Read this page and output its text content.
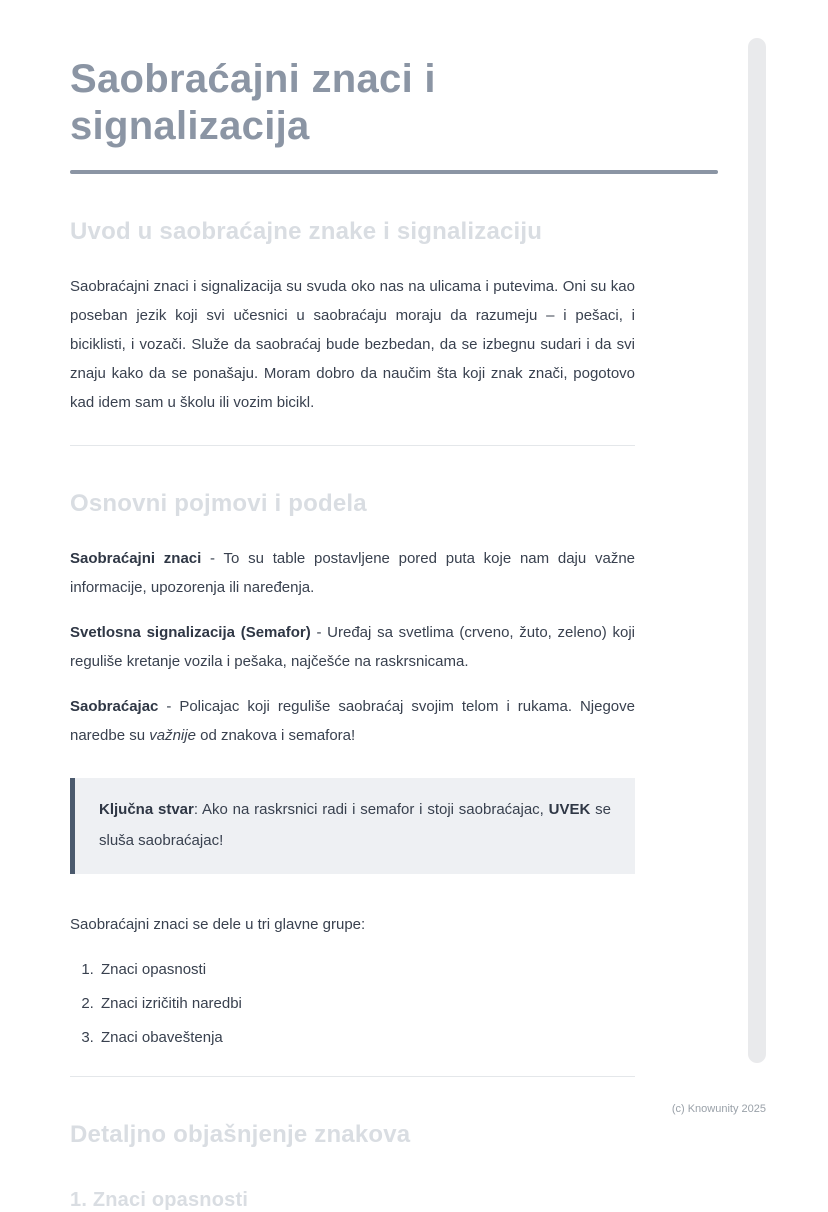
Saobraćajni znaci i signalizacija
Uvod u saobraćajne znake i signalizaciju

Saobraćajni znaci i signalizacija su svuda oko nas na ulicama i putevima. Oni su kao poseban jezik koji svi učesnici u saobraćaju moraju da razumeju – i pešaci, i biciklisti, i vozači. Služe da saobraćaj bude bezbedan, da se izbegnu sudari i da svi znaju kako da se ponašaju. Moram dobro da naučim šta koji znak znači, pogotovo kad idem sam u školu ili vozim bicikl.

Osnovni pojmovi i podela

Saobraćajni znaci - To su table postavljene pored puta koje nam daju važne informacije, upozorenja ili naređenja.

Svetlosna signalizacija (Semafor) - Uređaj sa svetlima (crveno, žuto, zeleno) koji reguliše kretanje vozila i pešaka, najčešće na raskrsnicama.

Saobraćajac - Policajac koji reguliše saobraćaj svojim telom i rukama. Njegove naredbe su važnije od znakova i semafora!

Ključna stvar: Ako na raskrsnici radi i semafor i stoji saobraćajac, UVEK se sluša saobraćajac!

Saobraćajni znaci se dele u tri glavne grupe:

1. Znaci opasnosti
2. Znaci izričitih naredbi
3. Znaci obaveštenja
Detaljno objašnjenje znakova
1. Znaci opasnosti
(c) Knowunity 2025
